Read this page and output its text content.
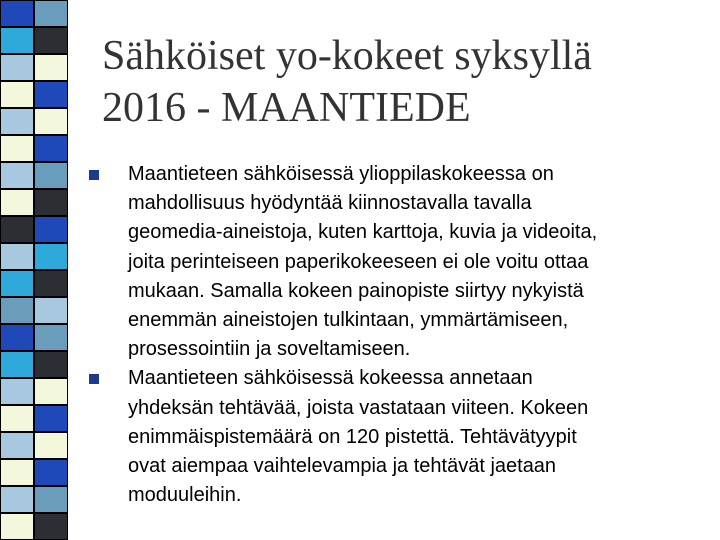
Sähköiset yo-kokeet syksyllä
2016 - MAANTIEDE
Maantieteen sähköisessä ylioppilaskokeessa on
mahdollisuus hyödyntää kiinnostavalla tavalla
geomedia-aineistoja, kuten karttoja, kuvia ja videoita,
joita perinteiseen paperikokeeseen ei ole voitu ottaa
mukaan. Samalla kokeen painopiste siirtyy nykyistä
enemmän aineistojen tulkintaan, ymmärtämiseen,
prosessointiin ja soveltamiseen.
Maantieteen sähköisessä kokeessa annetaan
yhdeksän tehtävää, joista vastataan viiteen. Kokeen
enimmäispistemäärä on 120 pistettä. Tehtävätyypit
ovat aiempaa vaihtelevampia ja tehtävät jaetaan
moduuleihin.
